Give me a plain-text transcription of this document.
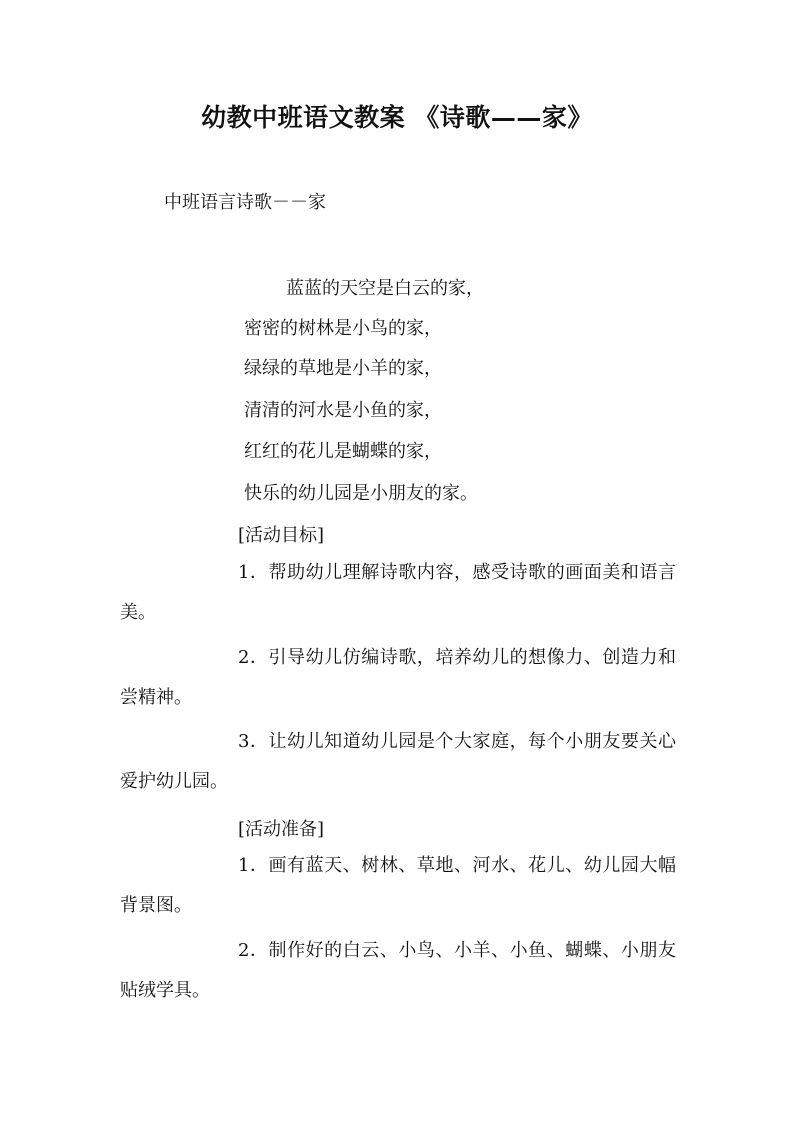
幼教中班语文教案 《诗歌——家》
中班语言诗歌－－家
蓝蓝的天空是白云的家，
密密的树林是小鸟的家，
绿绿的草地是小羊的家，
清清的河水是小鱼的家，
红红的花儿是蝴蝶的家，
快乐的幼儿园是小朋友的家。
[活动目标]
1．帮助幼儿理解诗歌内容，感受诗歌的画面美和语言美。
2．引导幼儿仿编诗歌，培养幼儿的想像力、创造力和尝精神。
3．让幼儿知道幼儿园是个大家庭，每个小朋友要关心爱护幼儿园。
[活动准备]
1．画有蓝天、树林、草地、河水、花儿、幼儿园大幅背景图。
2．制作好的白云、小鸟、小羊、小鱼、蝴蝶、小朋友贴绒学具。
